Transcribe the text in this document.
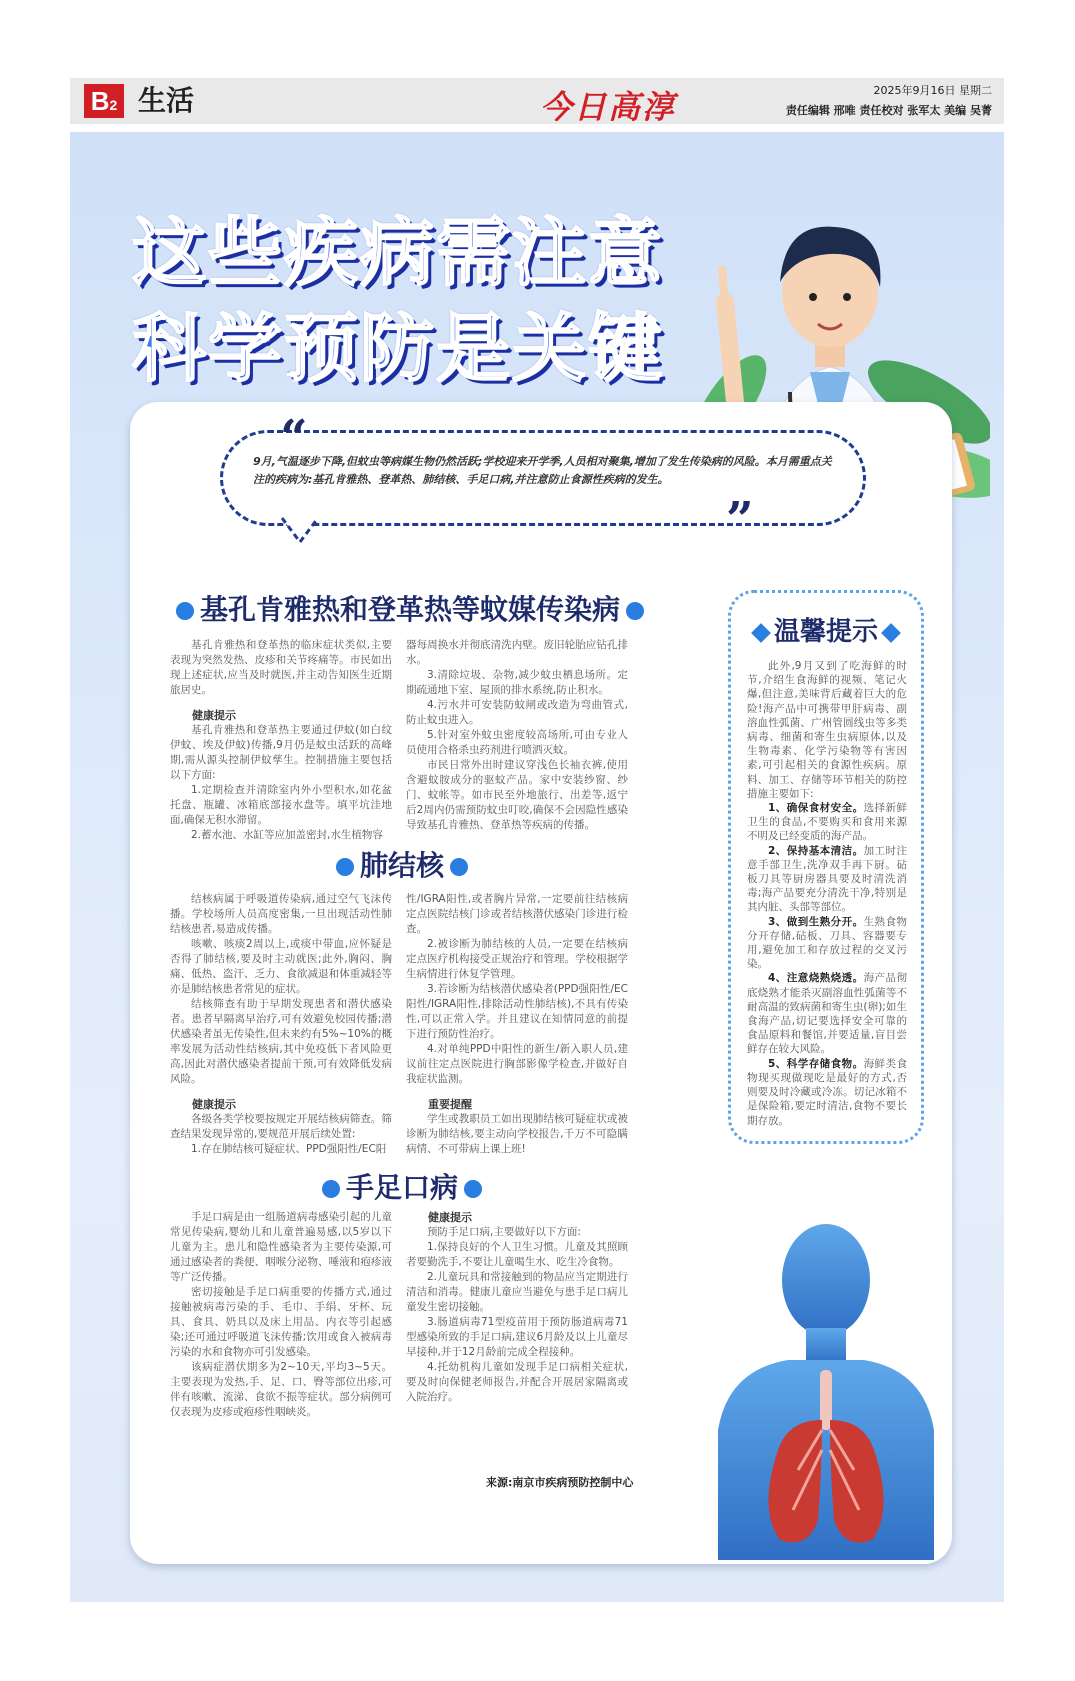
B2 生活	今日高淳	2025年9月16日 星期二
责任编辑 邢唯 责任校对 张军太 美编 吴菁
这些疾病需注意
科学预防是关键
9月,气温逐步下降,但蚊虫等病媒生物仍然活跃;学校迎来开学季,人员相对聚集,增加了发生传染病的风险。本月需重点关注的疾病为:基孔肯雅热、登革热、肺结核、手足口病,并注意防止食源性疾病的发生。
“
”
基孔肯雅热和登革热等蚊媒传染病

基孔肯雅热和登革热的临床症状类似,主要表现为突然发热、皮疹和关节疼痛等。市民如出现上述症状,应当及时就医,并主动告知医生近期旅居史。

健康提示

基孔肯雅热和登革热主要通过伊蚊(如白纹伊蚊、埃及伊蚊)传播,9月仍是蚊虫活跃的高峰期,需从源头控制伊蚊孳生。控制措施主要包括以下方面:

1.定期检查并清除室内外小型积水,如花盆托盘、瓶罐、冰箱底部接水盘等。填平坑洼地面,确保无积水滞留。

2.蓄水池、水缸等应加盖密封,水生植物容

器每周换水并彻底清洗内壁。废旧轮胎应钻孔排水。

3.清除垃圾、杂物,减少蚊虫栖息场所。定期疏通地下室、屋顶的排水系统,防止积水。

4.污水井可安装防蚊闸或改造为弯曲管式,防止蚊虫进入。

5.针对室外蚊虫密度较高场所,可由专业人员使用合格杀虫药剂进行喷洒灭蚊。

市民日常外出时建议穿浅色长袖衣裤,使用含避蚊胺成分的驱蚊产品。家中安装纱窗、纱门、蚊帐等。如市民至外地旅行、出差等,返宁后2周内仍需预防蚊虫叮咬,确保不会因隐性感染导致基孔肯雅热、登革热等疾病的传播。

肺结核

结核病属于呼吸道传染病,通过空气飞沫传播。学校场所人员高度密集,一旦出现活动性肺结核患者,易造成传播。

咳嗽、咳痰2周以上,或痰中带血,应怀疑是否得了肺结核,要及时主动就医;此外,胸闷、胸痛、低热、盗汗、乏力、食欲减退和体重减轻等亦是肺结核患者常见的症状。

结核筛查有助于早期发现患者和潜伏感染者。患者早隔离早治疗,可有效避免校园传播;潜伏感染者虽无传染性,但未来约有5%~10%的概率发展为活动性结核病,其中免疫低下者风险更高,因此对潜伏感染者提前干预,可有效降低发病风险。

健康提示

各级各类学校要按规定开展结核病筛查。筛查结果发现异常的,要规范开展后续处置:

1.存在肺结核可疑症状、PPD强阳性/EC阳

性/IGRA阳性,或者胸片异常,一定要前往结核病定点医院结核门诊或者结核潜伏感染门诊进行检查。

2.被诊断为肺结核的人员,一定要在结核病定点医疗机构接受正规治疗和管理。学校根据学生病情进行休复学管理。

3.若诊断为结核潜伏感染者(PPD强阳性/EC阳性/IGRA阳性,排除活动性肺结核),不具有传染性,可以正常入学。并且建议在知情同意的前提下进行预防性治疗。

4.对单纯PPD中阳性的新生/新入职人员,建议前往定点医院进行胸部影像学检查,并做好自我症状监测。

重要提醒

学生或教职员工如出现肺结核可疑症状或被诊断为肺结核,要主动向学校报告,千万不可隐瞒病情、不可带病上课上班!

手足口病

手足口病是由一组肠道病毒感染引起的儿童常见传染病,婴幼儿和儿童普遍易感,以5岁以下儿童为主。患儿和隐性感染者为主要传染源,可通过感染者的粪便、咽喉分泌物、唾液和疱疹液等广泛传播。

密切接触是手足口病重要的传播方式,通过接触被病毒污染的手、毛巾、手绢、牙杯、玩具、食具、奶具以及床上用品、内衣等引起感染;还可通过呼吸道飞沫传播;饮用或食入被病毒污染的水和食物亦可引发感染。

该病症潜伏期多为2~10天,平均3~5天。主要表现为发热,手、足、口、臀等部位出疹,可伴有咳嗽、流涕、食欲不振等症状。部分病例可仅表现为皮疹或疱疹性咽峡炎。

健康提示

预防手足口病,主要做好以下方面:

1.保持良好的个人卫生习惯。儿童及其照顾者要勤洗手,不要让儿童喝生水、吃生冷食物。

2.儿童玩具和常接触到的物品应当定期进行清洁和消毒。健康儿童应当避免与患手足口病儿童发生密切接触。

3.肠道病毒71型疫苗用于预防肠道病毒71型感染所致的手足口病,建议6月龄及以上儿童尽早接种,并于12月龄前完成全程接种。

4.托幼机构儿童如发现手足口病相关症状,要及时向保健老师报告,并配合开展居家隔离或入院治疗。

来源:南京市疾病预防控制中心
温馨提示

此外,9月又到了吃海鲜的时节,介绍生食海鲜的视频、笔记火爆,但注意,美味背后藏着巨大的危险!海产品中可携带甲肝病毒、副溶血性弧菌、广州管圆线虫等多类病毒、细菌和寄生虫病原体,以及生物毒素、化学污染物等有害因素,可引起相关的食源性疾病。原料、加工、存储等环节相关的防控措施主要如下:

1、确保食材安全。选择新鲜卫生的食品,不要购买和食用来源不明及已经变质的海产品。

2、保持基本清洁。加工时注意手部卫生,洗净双手再下厨。砧板刀具等厨房器具要及时清洗消毒;海产品要充分清洗干净,特别是其内脏、头部等部位。

3、做到生熟分开。生熟食物分开存储,砧板、刀具、容器要专用,避免加工和存放过程的交叉污染。

4、注意烧熟烧透。海产品彻底烧熟才能杀灭副溶血性弧菌等不耐高温的致病菌和寄生虫(卵);如生食海产品,切记要选择安全可靠的食品原料和餐馆,并要适量,盲目尝鲜存在较大风险。

5、科学存储食物。海鲜类食物现买现做现吃是最好的方式,否则要及时冷藏或冷冻。切记冰箱不是保险箱,要定时清洁,食物不要长期存放。
